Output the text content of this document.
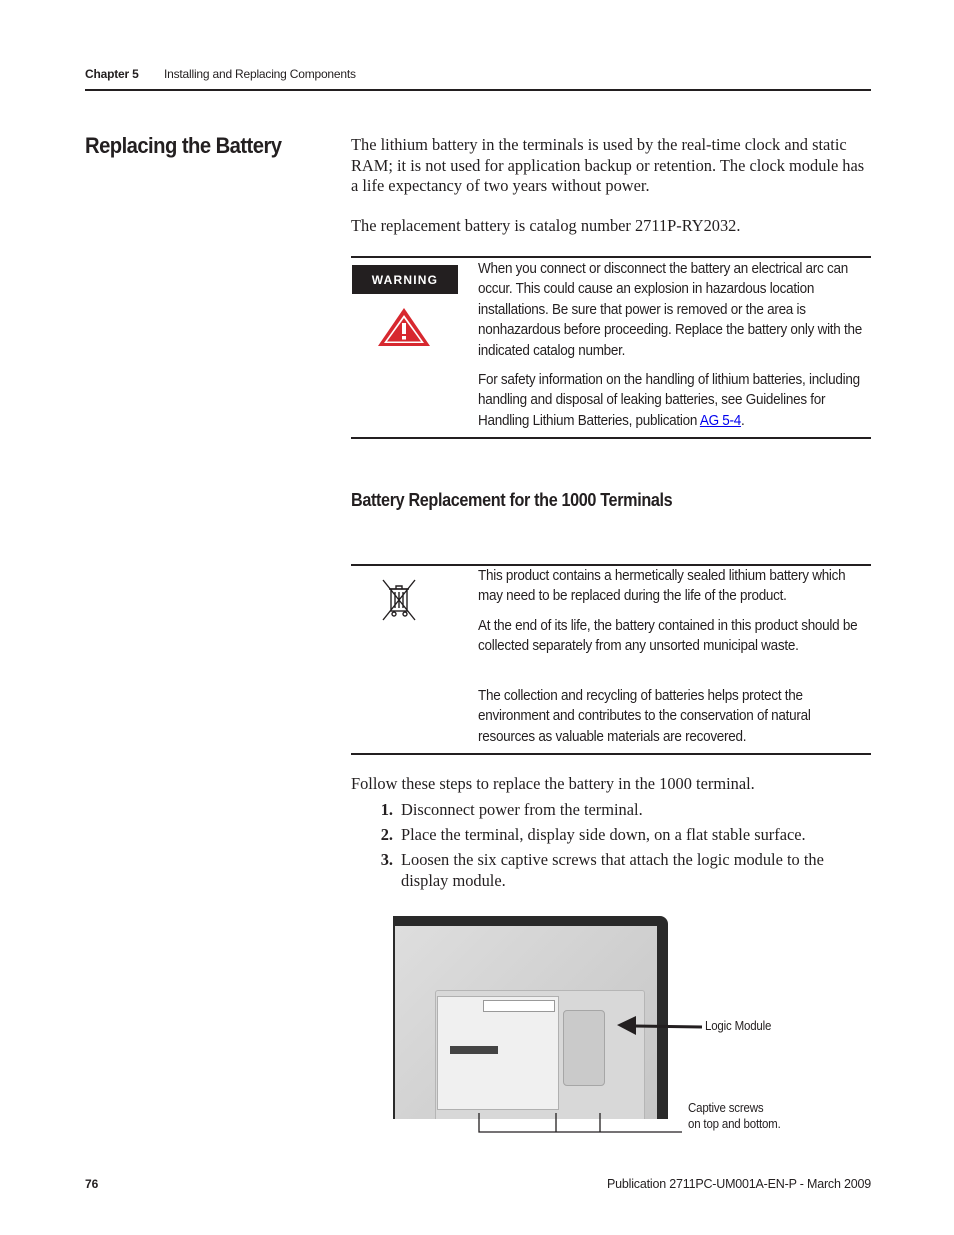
Chapter 5 Installing and Replacing Components
Replacing the Battery	The lithium battery in the terminals is used by the real-time clock and static RAM; it is not used for application backup or retention. The clock module has a life expectancy of two years without power.
The replacement battery is catalog number 2711P-RY2032.
WARNING
When you connect or disconnect the battery an electrical arc can occur. This could cause an explosion in hazardous location installations. Be sure that power is removed or the area is nonhazardous before proceeding. Replace the battery only with the indicated catalog number.
For safety information on the handling of lithium batteries, including handling and disposal of leaking batteries, see Guidelines for Handling Lithium Batteries, publication AG 5-4.
Battery Replacement for the 1000 Terminals
This product contains a hermetically sealed lithium battery which may need to be replaced during the life of the product.
At the end of its life, the battery contained in this product should be collected separately from any unsorted municipal waste.
The collection and recycling of batteries helps protect the environment and contributes to the conservation of natural resources as valuable materials are recovered.
Follow these steps to replace the battery in the 1000 terminal.
1. Disconnect power from the terminal.
2. Place the terminal, display side down, on a flat stable surface.
3. Loosen the six captive screws that attach the logic module to the display module.
Logic Module
Captive screws
on top and bottom.
76	Publication 2711PC-UM001A-EN-P - March 2009
